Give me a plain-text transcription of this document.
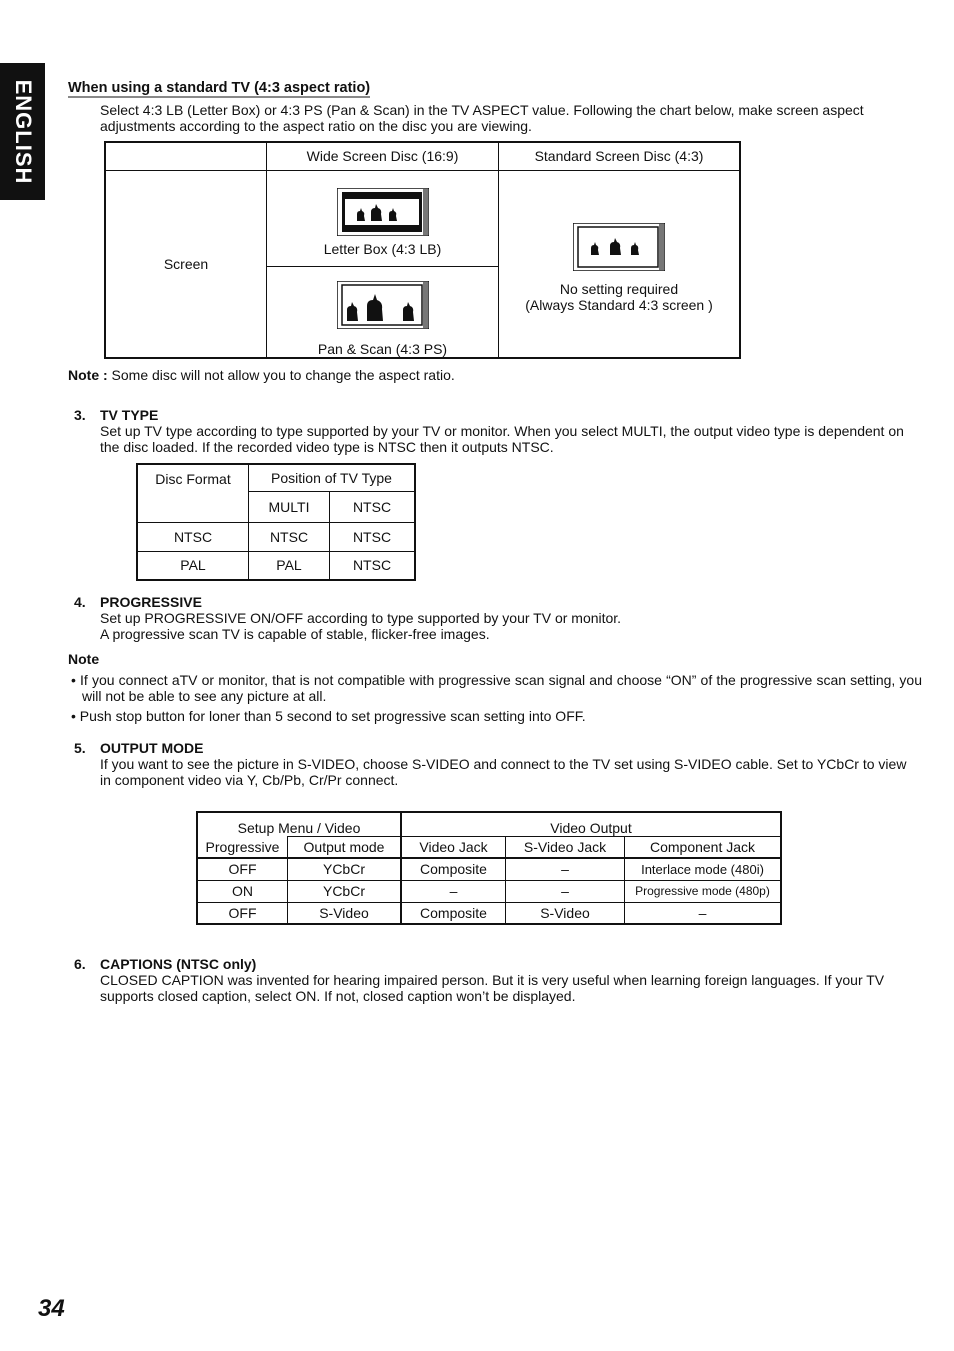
ENGLISH When using a standard TV (4:3 aspect ratio)
Select 4:3 LB (Letter Box) or 4:3 PS (Pan & Scan) in the TV ASPECT value. Following the chart below, make screen aspect adjustments according to the aspect ratio on the disc you are viewing.
	Wide Screen Disc (16:9)	Standard Screen Disc (4:3)
Screen	Letter Box (4:3 LB)	No setting required
(Always Standard 4:3 screen )

	Pan & Scan (4:3 PS)	
Note : Some disc will not allow you to change the aspect ratio.
3. TV TYPE
Set up TV type according to type supported by your TV or monitor. When you select MULTI, the output video type is dependent on the disc loaded. If the recorded video type is NTSC then it outputs NTSC.
Disc Format	Position of TV Type	
	MULTI	NTSC
NTSC	NTSC	NTSC
PAL	PAL	NTSC
4. PROGRESSIVE
Set up PROGRESSIVE ON/OFF according to type supported by your TV or monitor.
A progressive scan TV is capable of stable, flicker-free images.
Note
• If you connect aTV or monitor, that is not compatible with progressive scan signal and choose “ON” of the progressive scan setting, you will not be able to see any picture at all.
• Push stop button for loner than 5 second to set progressive scan setting into OFF.
5. OUTPUT MODE
If you want to see the picture in S-VIDEO, choose S-VIDEO and connect to the TV set using S-VIDEO cable. Set to YCbCr to view in component video via Y, Cb/Pb, Cr/Pr connect.
Setup Menu / Video		Video Output		
Progressive	Output mode	Video Jack	S-Video Jack	Component Jack
OFF	YCbCr	Composite	–	Interlace mode (480i)
ON	YCbCr	–	–	Progressive mode (480p)
OFF	S-Video	Composite	S-Video	–
6. CAPTIONS (NTSC only)
CLOSED CAPTION was invented for hearing impaired person. But it is very useful when learning foreign languages. If your TV supports closed caption, select ON. If not, closed caption won’t be displayed.
34
